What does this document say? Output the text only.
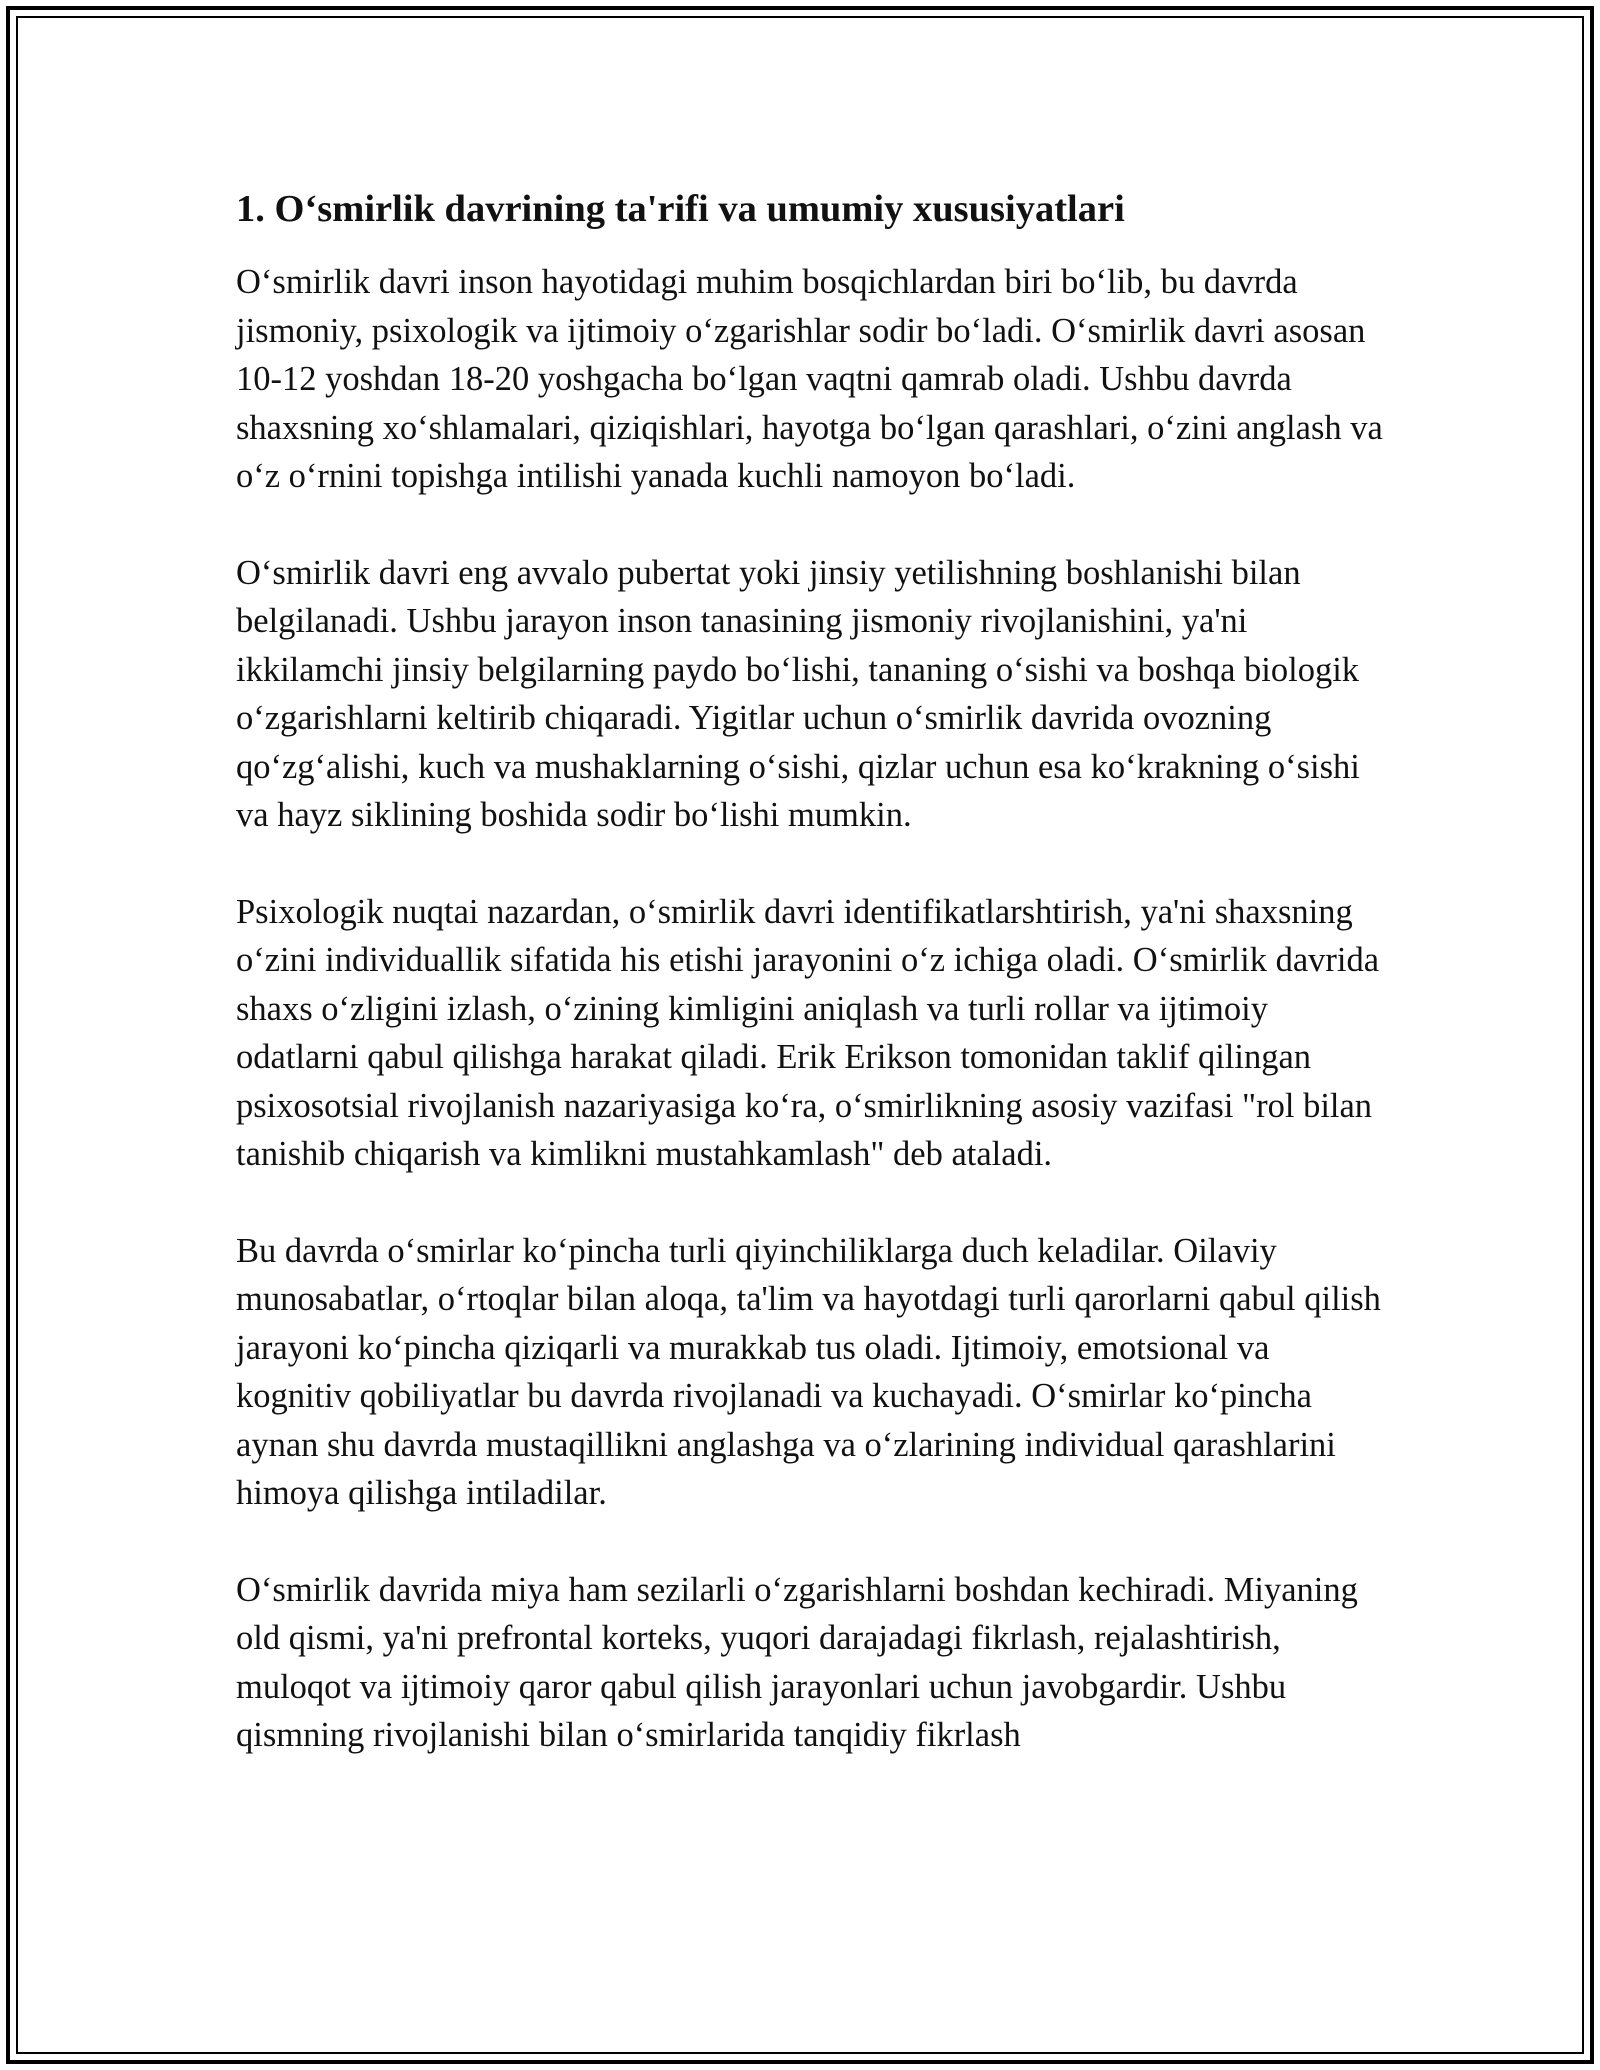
1. O‘smirlik davrining ta'rifi va umumiy xususiyatlari

O‘smirlik davri inson hayotidagi muhim bosqichlardan biri bo‘lib, bu davrda jismoniy, psixologik va ijtimoiy o‘zgarishlar sodir bo‘ladi. O‘smirlik davri asosan 10-12 yoshdan 18-20 yoshgacha bo‘lgan vaqtni qamrab oladi. Ushbu davrda shaxsning xo‘shlamalari, qiziqishlari, hayotga bo‘lgan qarashlari, o‘zini anglash va o‘z o‘rnini topishga intilishi yanada kuchli namoyon bo‘ladi.

O‘smirlik davri eng avvalo pubertat yoki jinsiy yetilishning boshlanishi bilan belgilanadi. Ushbu jarayon inson tanasining jismoniy rivojlanishini, ya'ni ikkilamchi jinsiy belgilarning paydo bo‘lishi, tananing o‘sishi va boshqa biologik o‘zgarishlarni keltirib chiqaradi. Yigitlar uchun o‘smirlik davrida ovozning qo‘zg‘alishi, kuch va mushaklarning o‘sishi, qizlar uchun esa ko‘krakning o‘sishi va hayz siklining boshida sodir bo‘lishi mumkin.

Psixologik nuqtai nazardan, o‘smirlik davri identifikatlarshtirish, ya'ni shaxsning o‘zini individuallik sifatida his etishi jarayonini o‘z ichiga oladi. O‘smirlik davrida shaxs o‘zligini izlash, o‘zining kimligini aniqlash va turli rollar va ijtimoiy odatlarni qabul qilishga harakat qiladi. Erik Erikson tomonidan taklif qilingan psixosotsial rivojlanish nazariyasiga ko‘ra, o‘smirlikning asosiy vazifasi "rol bilan tanishib chiqarish va kimlikni mustahkamlash" deb ataladi.

Bu davrda o‘smirlar ko‘pincha turli qiyinchiliklarga duch keladilar. Oilaviy munosabatlar, o‘rtoqlar bilan aloqa, ta'lim va hayotdagi turli qarorlarni qabul qilish jarayoni ko‘pincha qiziqarli va murakkab tus oladi. Ijtimoiy, emotsional va kognitiv qobiliyatlar bu davrda rivojlanadi va kuchayadi. O‘smirlar ko‘pincha aynan shu davrda mustaqillikni anglashga va o‘zlarining individual qarashlarini himoya qilishga intiladilar.

O‘smirlik davrida miya ham sezilarli o‘zgarishlarni boshdan kechiradi. Miyaning old qismi, ya'ni prefrontal korteks, yuqori darajadagi fikrlash, rejalashtirish, muloqot va ijtimoiy qaror qabul qilish jarayonlari uchun javobgardir. Ushbu qismning rivojlanishi bilan o‘smirlarida tanqidiy fikrlash
